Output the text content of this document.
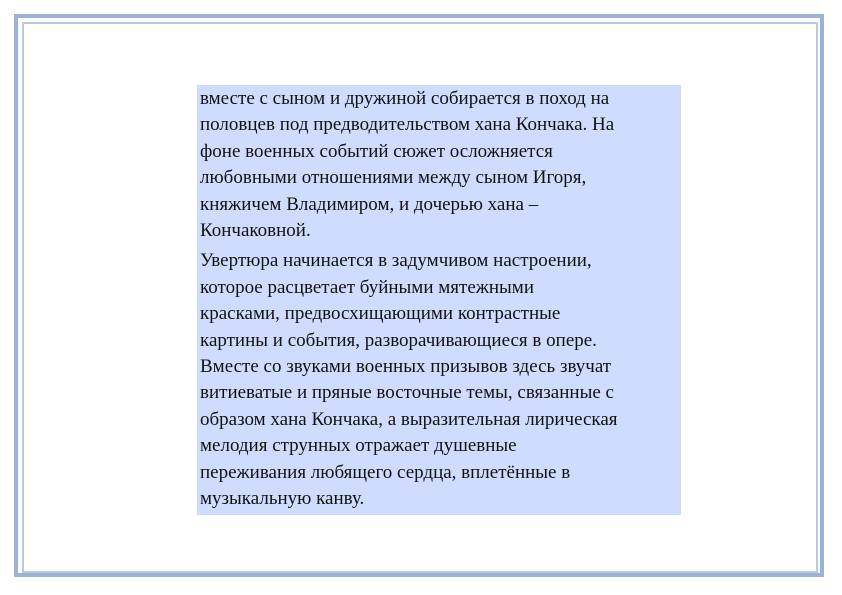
вместе с сыном и дружиной собирается в поход на
половцев под предводительством хана Кончака. На
фоне военных событий сюжет осложняется
любовными отношениями между сыном Игоря,
княжичем Владимиром, и дочерью хана –
Кончаковной.

Увертюра начинается в задумчивом настроении,
которое расцветает буйными мятежными
красками, предвосхищающими контрастные
картины и события, разворачивающиеся в опере.
Вместе со звуками военных призывов здесь звучат
витиеватые и пряные восточные темы, связанные с
образом хана Кончака, а выразительная лирическая
мелодия струнных отражает душевные
переживания любящего сердца, вплетённые в
музыкальную канву.
